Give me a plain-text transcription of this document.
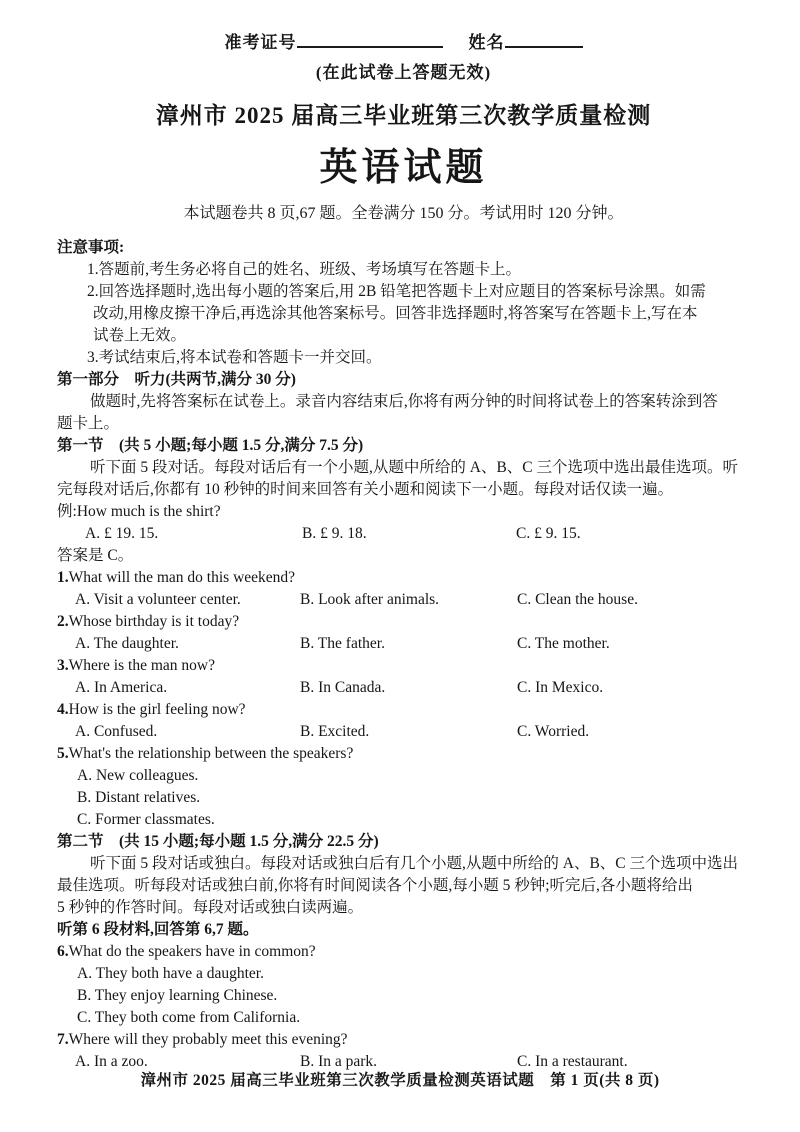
准考证号	姓名
(在此试卷上答题无效)
漳州市 2025 届高三毕业班第三次教学质量检测
英语试题
本试题卷共 8 页,67 题。全卷满分 150 分。考试用时 120 分钟。
注意事项:
1.答题前,考生务必将自己的姓名、班级、考场填写在答题卡上。
2.回答选择题时,选出每小题的答案后,用 2B 铅笔把答题卡上对应题目的答案标号涂黑。如需
改动,用橡皮擦干净后,再选涂其他答案标号。回答非选择题时,将答案写在答题卡上,写在本
试卷上无效。
3.考试结束后,将本试卷和答题卡一并交回。
第一部分　听力(共两节,满分 30 分)
做题时,先将答案标在试卷上。录音内容结束后,你将有两分钟的时间将试卷上的答案转涂到答
题卡上。
第一节　(共 5 小题;每小题 1.5 分,满分 7.5 分)
听下面 5 段对话。每段对话后有一个小题,从题中所给的 A、B、C 三个选项中选出最佳选项。听
完每段对话后,你都有 10 秒钟的时间来回答有关小题和阅读下一小题。每段对话仅读一遍。
例:How much is the shirt?
A. £ 19. 15.	B. £ 9. 18.	C. £ 9. 15.
答案是 C。
1.What will the man do this weekend?
A. Visit a volunteer center.	B. Look after animals.	C. Clean the house.
2.Whose birthday is it today?
A. The daughter.	B. The father.	C. The mother.
3.Where is the man now?
A. In America.	B. In Canada.	C. In Mexico.
4.How is the girl feeling now?
A. Confused.	B. Excited.	C. Worried.
5.What's the relationship between the speakers?
A. New colleagues.
B. Distant relatives.
C. Former classmates.
第二节　(共 15 小题;每小题 1.5 分,满分 22.5 分)
听下面 5 段对话或独白。每段对话或独白后有几个小题,从题中所给的 A、B、C 三个选项中选出
最佳选项。听每段对话或独白前,你将有时间阅读各个小题,每小题 5 秒钟;听完后,各小题将给出
5 秒钟的作答时间。每段对话或独白读两遍。
听第 6 段材料,回答第 6,7 题。
6.What do the speakers have in common?
A. They both have a daughter.
B. They enjoy learning Chinese.
C. They both come from California.
7.Where will they probably meet this evening?
A. In a zoo.	B. In a park.	C. In a restaurant.
漳州市 2025 届高三毕业班第三次教学质量检测英语试题　第 1 页(共 8 页)
